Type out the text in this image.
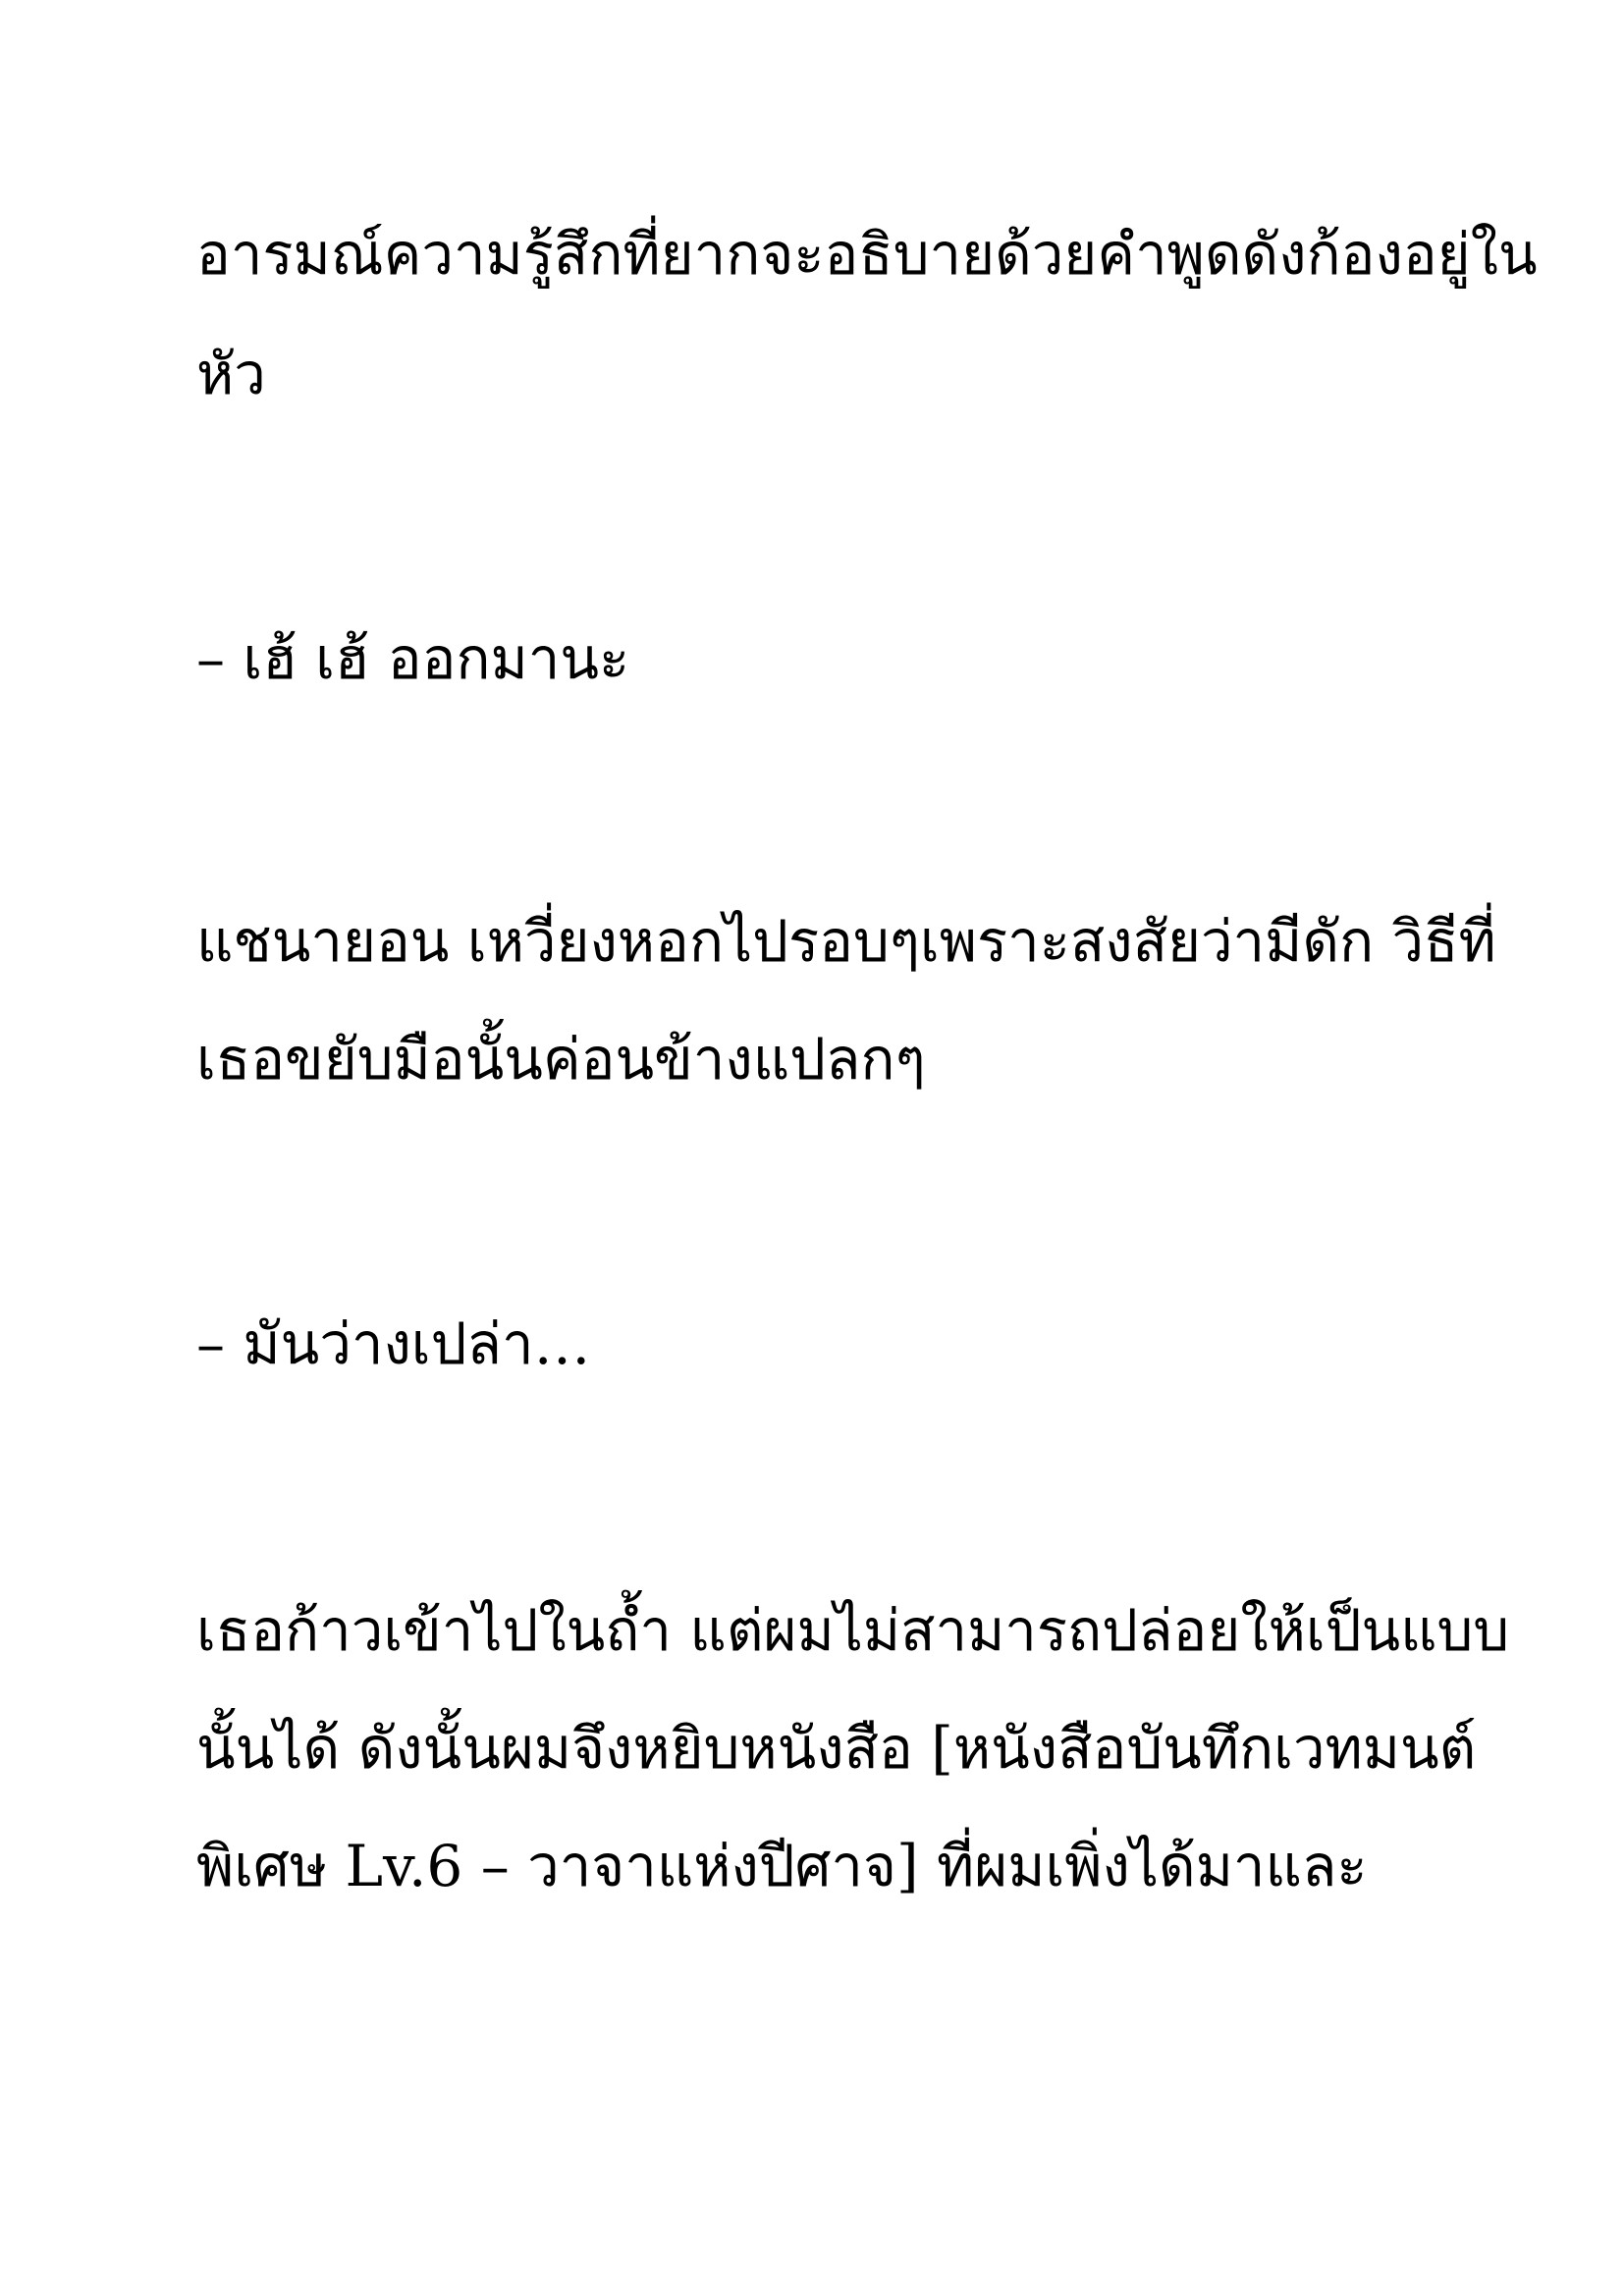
อารมณ์ความรู้สึกที่ยากจะอธิบายด้วยคำพูดดังก้องอยู่ใน

หัว

– เฮ้ เฮ้ ออกมานะ

แชนายอน เหวี่ยงหอกไปรอบๆเพราะสงสัยว่ามีดัก วิธีที่

เธอขยับมือนั้นค่อนข้างแปลกๆ

– มันว่างเปล่า…

เธอก้าวเข้าไปในถ้ำ แต่ผมไม่สามารถปล่อยให้เป็นแบบ

นั้นได้ ดังนั้นผมจึงหยิบหนังสือ [หนังสือบันทึกเวทมนต์

พิเศษ Lv.6 – วาจาแห่งปีศาจ] ที่ผมเพิ่งได้มาและ
